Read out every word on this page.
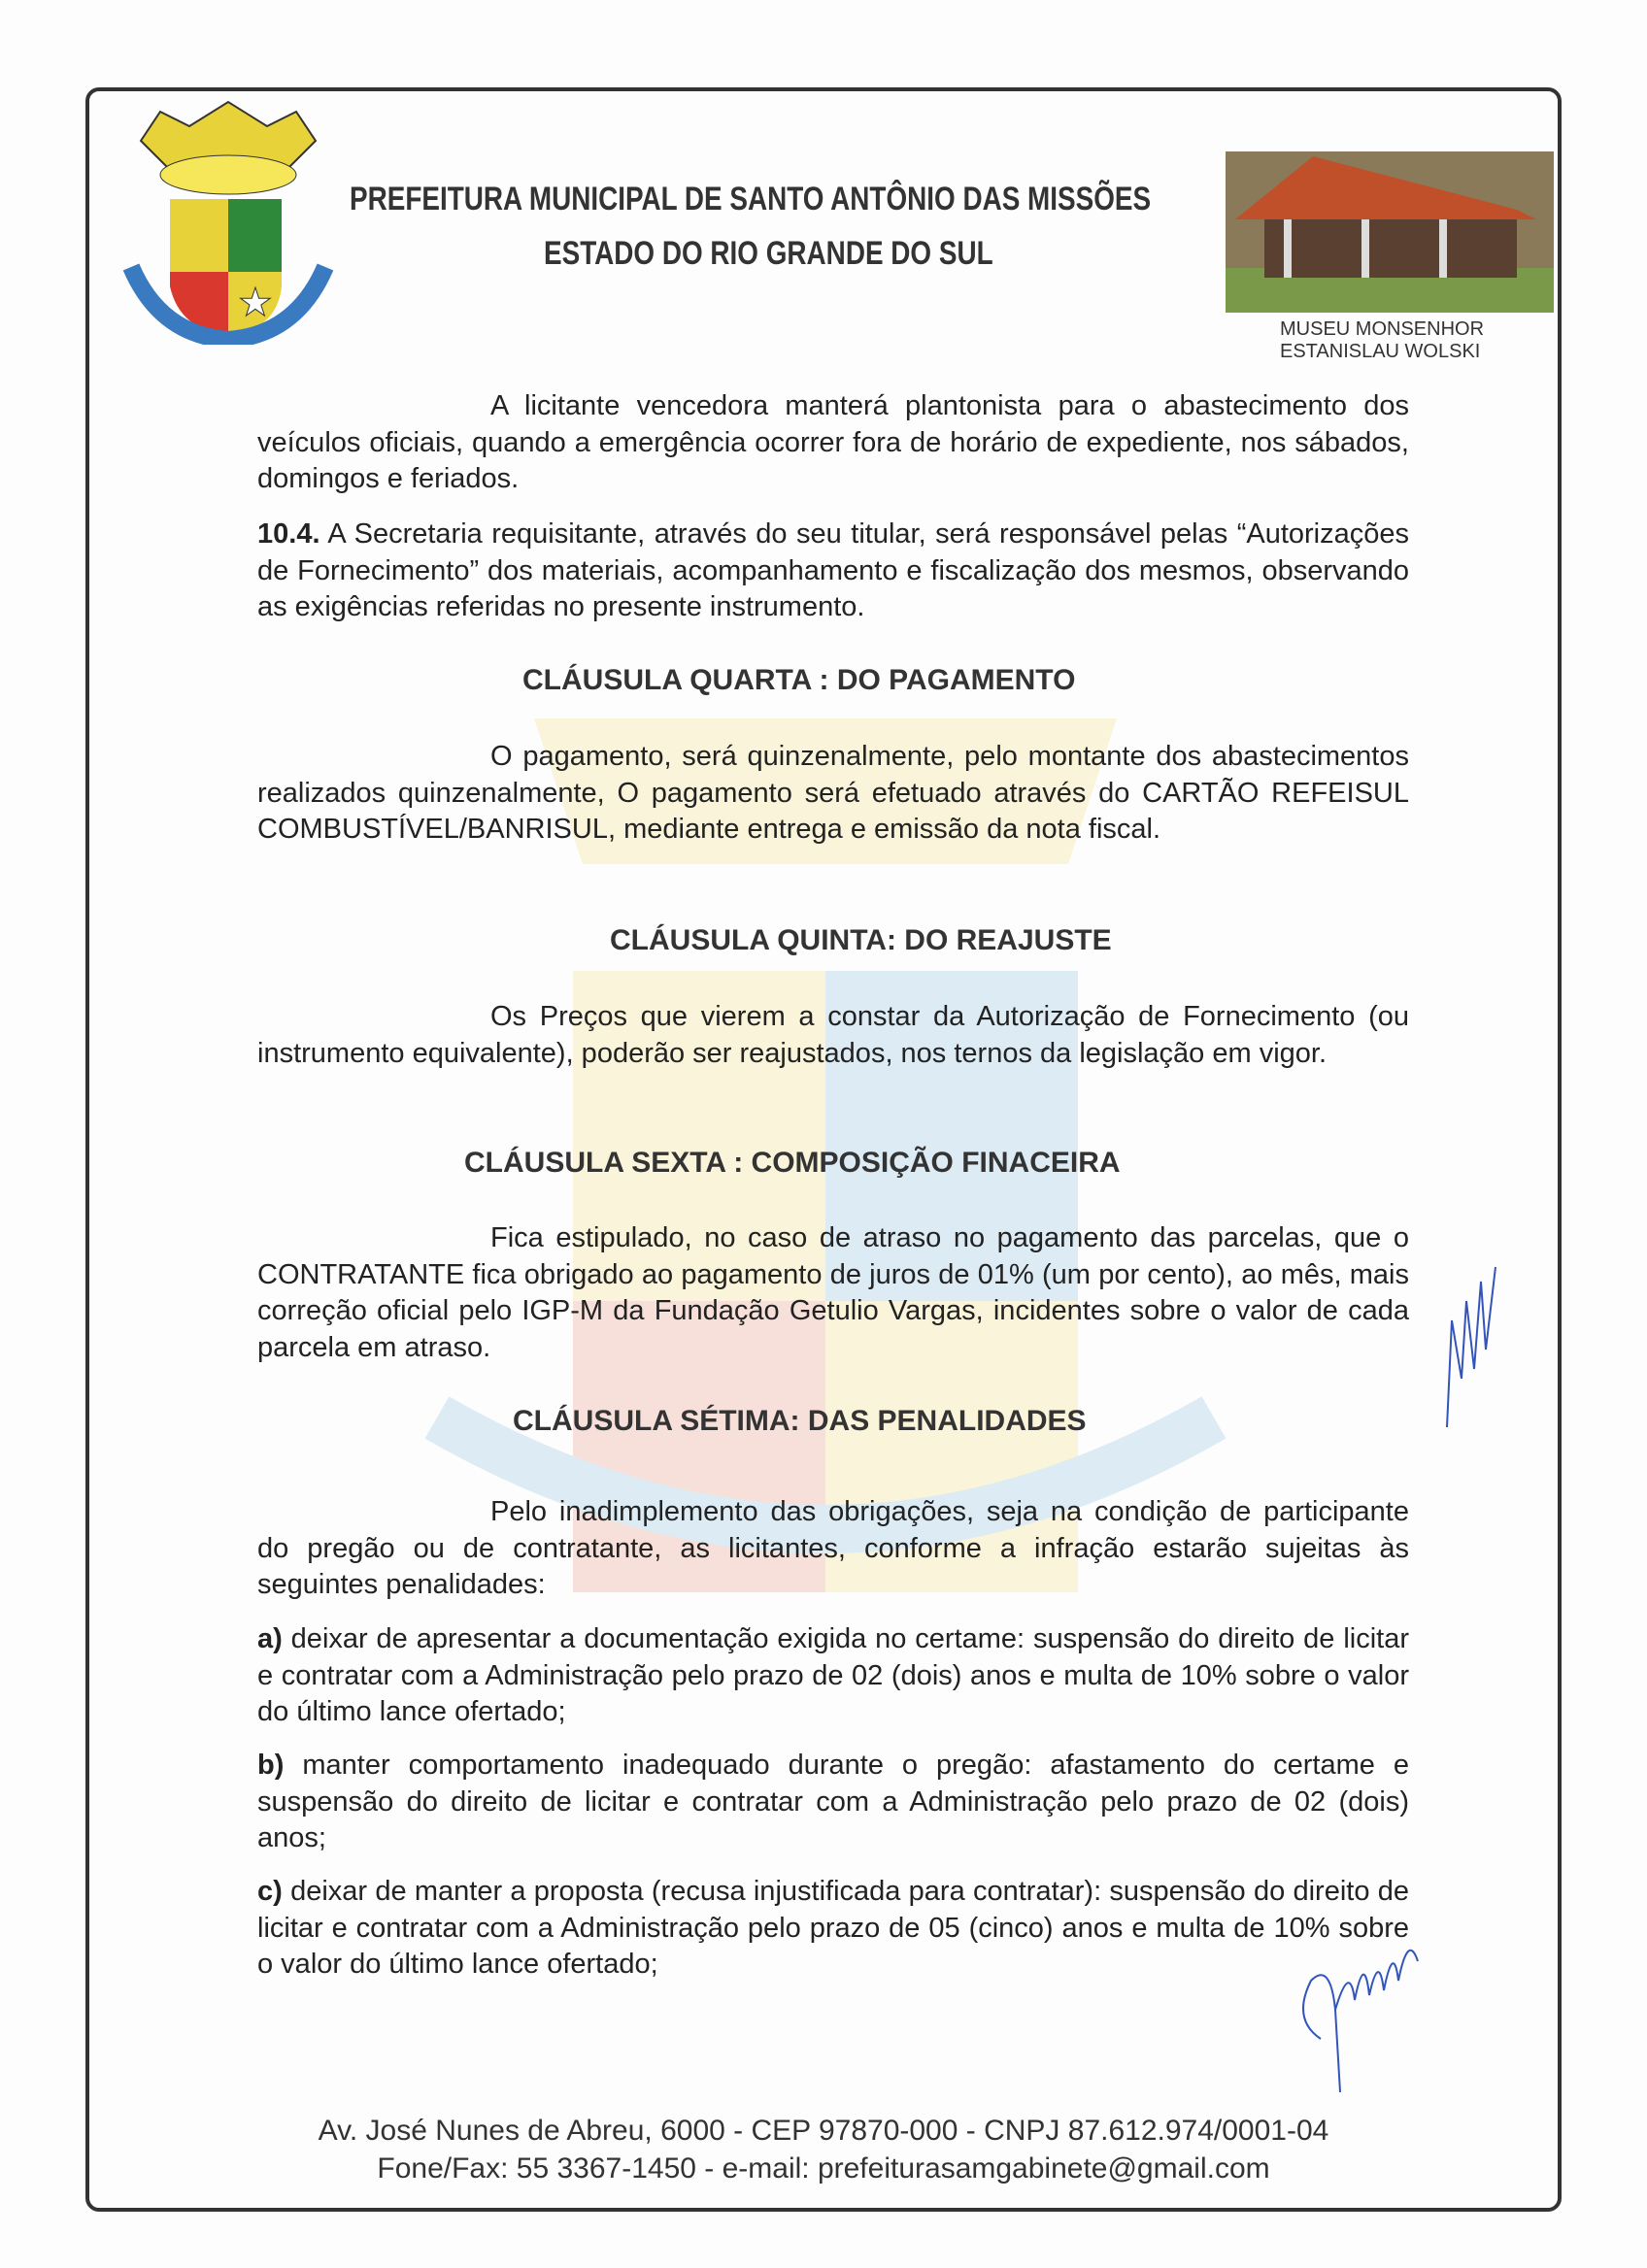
★
PREFEITURA MUNICIPAL DE SANTO ANTÔNIO DAS MISSÕES
ESTADO DO RIO GRANDE DO SUL
MUSEU MONSENHOR
ESTANISLAU WOLSKI
A licitante vencedora manterá plantonista para o abastecimento dos veículos oficiais, quando a emergência ocorrer fora de horário de expediente, nos sábados, domingos e feriados.
10.4. A Secretaria requisitante, através do seu titular, será responsável pelas “Autorizações de Fornecimento” dos materiais, acompanhamento e fiscalização dos mesmos, observando as exigências referidas no presente instrumento.
CLÁUSULA QUARTA : DO PAGAMENTO
O pagamento, será quinzenalmente, pelo montante dos abastecimentos realizados quinzenalmente, O pagamento será efetuado através do CARTÃO REFEISUL COMBUSTÍVEL/BANRISUL, mediante entrega e emissão da nota fiscal.
CLÁUSULA QUINTA: DO REAJUSTE
Os Preços que vierem a constar da Autorização de Fornecimento (ou instrumento equivalente), poderão ser reajustados, nos ternos da legislação em vigor.
CLÁUSULA SEXTA : COMPOSIÇÃO FINACEIRA
Fica estipulado, no caso de atraso no pagamento das parcelas, que o CONTRATANTE fica obrigado ao pagamento de juros de 01% (um por cento), ao mês, mais correção oficial pelo IGP-M da Fundação Getulio Vargas, incidentes sobre o valor de cada parcela em atraso.
CLÁUSULA SÉTIMA: DAS PENALIDADES
Pelo inadimplemento das obrigações, seja na condição de participante do pregão ou de contratante, as licitantes, conforme a infração estarão sujeitas às seguintes penalidades:
a) deixar de apresentar a documentação exigida no certame: suspensão do direito de licitar e contratar com a Administração pelo prazo de 02 (dois) anos e multa de 10% sobre o valor do último lance ofertado;
b) manter comportamento inadequado durante o pregão: afastamento do certame e suspensão do direito de licitar e contratar com a Administração pelo prazo de 02 (dois) anos;
c) deixar de manter a proposta (recusa injustificada para contratar): suspensão do direito de licitar e contratar com a Administração pelo prazo de 05 (cinco) anos e multa de 10% sobre o valor do último lance ofertado;
Av. José Nunes de Abreu, 6000 - CEP 97870-000 - CNPJ 87.612.974/0001-04
Fone/Fax: 55 3367-1450 - e-mail: prefeiturasamgabinete@gmail.com
